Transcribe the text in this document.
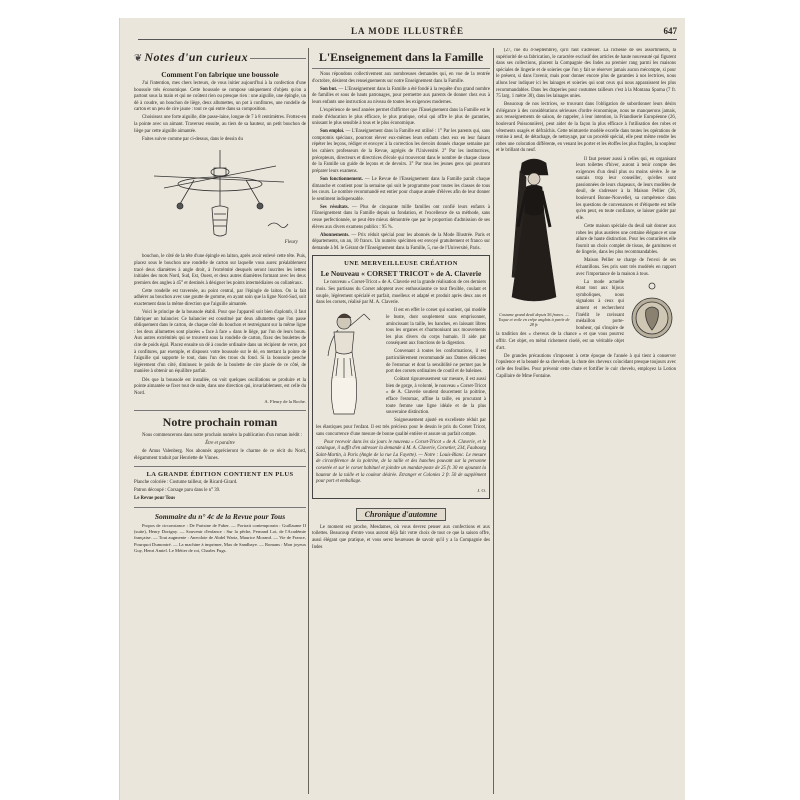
LA MODE ILLUSTRÉE	647
❦ Notes d'un curieux
Comment l'on fabrique une boussole

J'ai l'intention, mes chers lecteurs, de vous initier aujourd'hui à la confection d'une boussole très économique. Cette boussole se compose uniquement d'objets qu'on a partout sous la main et qui ne coûtent rien ou presque rien : une aiguille, une épingle, un dé à coudre, un bouchon de liège, deux allumettes, un pot à confitures, une rondelle de carton et un peu de cire jaune : tout ce qui entre dans sa composition.

Choisissez une forte aiguille, dite passe-laine, longue de 7 à 8 centimètres. Frottez-en la pointe avec un aimant. Traversez ensuite, au tiers de sa hauteur, un petit bouchon de liège par cette aiguille aimantée.

Faites suivre comme par ci-dessus, dans le dessin du

Fleury

bouchon, le côté de la tête d'une épingle en laiton, après avoir enlevé cette tête. Puis, placez sous le bouchon une rondelle de carton sur laquelle vous aurez préalablement tracé deux diamètres à angle droit, à l'extrémité desquels seront inscrites les lettres initiales des mots Nord, Sud, Est, Ouest, et deux autres diamètres formant avec les deux premiers des angles à 45° et destinés à désigner les points intermédiaires ou collatéraux.

Cette rondelle est traversée, au point central, par l'épingle de laiton. On la fait adhérer au bouchon avec une goutte de gomme, en ayant soin que la ligne Nord-Sud, soit exactement dans la même direction que l'aiguille aimantée.

Voici le principe de la boussole établi. Pour que l'appareil soit bien d'aplomb, il faut fabriquer un balancier. Ce balancier est constitué par deux allumettes que l'on passe obliquement dans le carton, de chaque côté du bouchon et restreignant sur la même ligne : les deux allumettes sont placées « face à face » dans le liège, par l'un de leurs bouts. Aux autres extrémités qui se trouvent sous la rondelle de carton, fixez des boulettes de cire de poids égal. Placez ensuite un dé à coudre ordinaire dans un récipient de verre, pot à confitures, par exemple, et disposez votre boussole sur le dé, en mettant la pointe de l'aiguille qui supporte le tout, dans l'un des trous du fond. Si la boussole penche légèrement d'un côté, diminuez le poids de la boulette de cire placée de ce côté, de manière à obtenir un équilibre parfait.

Dès que la boussole est installée, on voit quelques oscillations se produire et la pointe aimantée se fixer tout de suite, dans une direction qui, invariablement, est celle du Nord.

A. Fleury de la Roche.

Notre prochain roman

Nous commencerons dans notre prochain numéro la publication d'un roman inédit :

Être et paraître

de Amus Valenberg. Nos abonnés apprécieront le charme de ce récit du Nord, élégamment traduit par Henriette de Vinnes.

LA GRANDE ÉDITION CONTIENT EN PLUS

Planche coloriée : Costume tailleur, de Ricard-Girard.

Patron découpé : Corsage paru dans le n° 39.

Le Revue pour Tous

Sommaire du n° 4c de la Revue pour Tous

Propos de circonstance : De Parisine de Faber. — Portrait contemporain : Guillaume II (suite), Henry Dorigny. — Souvenir d'enfance : Sur la pêche, Fernand Lot, de l'Académie française. — Tout augmente : Anecdote de Abdel Wartz, Maurice Morand. — Vie de France, Pourquoi Dumontré. — La machine à imprimer, Max de Sandbaye. — Romans : Mon joyeux Guy, Henri Amiel. Le Métier de roi, Charles Fugs.

L'Enseignement dans la Famille

Nous répondons collectivement aux nombreuses demandes qui, en vue de la rentrée d'octobre, désirent des renseignements sur notre Enseignement dans la Famille.

Son but. — L'Enseignement dans la Famille a été fondé à la requête d'un grand nombre de familles et sous de hauts patronages, pour permettre aux parents de donner chez eux à leurs enfants une instruction au niveau de toutes les exigences modernes.

L'expérience de neuf années permet d'affirmer que l'Enseignement dans la Famille est le mode d'éducation le plus efficace, le plus pratique, celui qui offre le plus de garanties, unissant le plus sensible à tous et le plus économique.

Son emploi. — L'Enseignement dans la Famille est utilisé : 1° Par les parents qui, sans compromis spéciaux, pourront élever eux-mêmes leurs enfants chez eux en leur faisant répéter les leçons, rédiger et envoyer à la correction les devoirs donnés chaque semaine par les cahiers professeurs de la Revue, agrégés de l'Université. 2° Par les institutrices, précepteurs, directeurs et directrices d'école qui trouveront dans le nombre de chaque classe de la Famille un guide de leçons et de devoirs. 3° Par tous les jeunes gens qui pourront préparer leurs examens.

Son fonctionnement. — Le Revue de l'Enseignement dans la Famille paraît chaque dimanche et contient pour la semaine qui suit le programme pour toutes les classes de tous les cours. Le nombre recommandé est entier pour chaque année d'élèves afin de leur donner le sentiment indispensable.

Ses résultats. — Plus de cinquante mille familles ont confié leurs enfants à l'Enseignement dans la Famille depuis sa fondation, et l'excellence de sa méthode, sans cesse perfectionnée, se peut être mieux démontrée que par le proportion d'admission de ses élèves aux divers examens publics : 95 %.

Abonnements. — Prix réduit spécial pour les abonnés de la Mode Illustrée. Paris et départements, un an, 10 francs. Un numéro spécimen est envoyé gratuitement et franco sur demande à M. le Gérant de l'Enseignement dans la Famille, 5, rue de l'Université, Paris.

UNE MERVEILLEUSE CRÉATION
Le Nouveau « CORSET TRICOT » de A. Claverie

Le nouveau « Corset-Tricot » de A. Claverie est la grande réalisation de ces derniers mois. Ses partisans du Corset adoptent avec enthousiasme ce tout flexible, coulant et souple, légèrement spécialé et parfait, moelleux et adapté et produit après deux ans et dans les corsets, réalisé par M. A. Claverie.

Il est en effet le corset qui soutient, qui modèle le buste, dont souplement sans emprisonner, amincissant la taille, les hanches, en laissant libres tous les organes et s'harmonisant aux mouvements les plus divers du corps humain. Il aide par conséquent aux fonctions de la digestion.

Convenant à toutes les conformations, il est particulièrement recommandé aux Dames délicates de l'estomac et dont la sensibilité ne permet pas le port des corsets ordinaires de coutil et de baleines.

Coûtant rigoureusement sur mesure, il est aussi bien de gorge, à volonté, le nouveau « Corset-Tricot » de A. Claverie soutient doucement la poitrine, efface l'estomac, affine la taille, en procurant à toute femme une ligne idéale et de la plus souveraine distinction.

Soigneusement ajusté en excellente réduit par les élastiques pour l'enfant. Il est très précieux pour le dessin le prix du Corset Tricot, sans concurrence d'une mesure de bonne qualité entière et assure un parfait compte.

Pour recevoir dans les six jours le nouveau « Corset-Tricot » de A. Claverie, et le catalogue, il suffit d'en adresser la demande à M. A. Claverie, Corsetier, 234, Faubourg Saint-Martin, à Paris (Angle de la rue La Fayette). — Notre : Louis-Blanc. Le mesure de circonférence de la poitrine, de la taille et des hanches pouvant sur la personne corsetée et sur le corset habituel et joindre un mandat-poste de 25 fr. 30 en ajoutant la hauteur de la taille et la couleur désirée. Etranger et Colonies 2 fr. 50 de supplément pour port et emballage.

J. O.

Chronique d'automne

Le moment est proche, Mesdames, où vous devrez penser aux confections et aux toilettes. Beaucoup d'entre vous auront déjà fait votre choix de tout ce que la saison offre, aussi élégant que pratique, et vous serez heureuses de savoir qu'il y a la Compagnie des Indes

(27, rue du 4-Septembre), qu'il faut s'adresser. La richesse de ses assortiments, la supériorité de sa fabrication, le caractère exclusif des articles de haute nouveauté qui figurent dans ses collections, placent la Compagnie des Indes au premier rang parmi les maisons spéciales de lingerie et de soieries que l'on y fait se réserver jamais aucun mécompte, si pour le présent, si dans l'avenir, mais pour donner encore plus de garanties à nos lectrices, nous allons leur indiquer ici les lainages et soieries qui sont ceux qui nous apparaissent les plus recommandables. Dans les draperies pour costumes tailleurs c'est à la Montana Sparna (7 fr. 75 larg. 1 mètre 30), dans les lainages unies.

Beaucoup de nos lectrices, se trouvant dans l'obligation de subordonner leurs désirs d'élégance à des considérations sérieuses d'ordre économique, nous ne manquerons jamais, aux renseignements de saison, de rappeler, à leur intention, la Friandiserie Européenne (26, boulevard Poissonnière), peut aider de la façon la plus efficace à l'utilisation des robes et vêtements usagés et défraîchis. Cette teinturerie modèle excelle dans toutes les opérations de remise à neuf, de détachage, de nettoyage, par un procédé spécial, elle peut même rendre les robes une coloration différente, en venant les porter et les étoffes les plus fragiles, la soupleur et le brillant du neuf.

Costume grand deuil depuis 56 francs. — Toque et voile en crêpe anglais à partir de 28 fr.

Il faut penser aussi à celles qui, en organisant leurs toilettes d'hiver, auront à tenir compte des exigences d'un deuil plus ou moins sévère. Je ne saurais trop leur conseiller, qu'elles sont passionnées de leurs chapeaux, de leurs modèles de deuil, de s'adresser à la Maison Pellier (26, boulevard Bonne-Nouvelle), sa compétence dans les questions de convenances et d'étiquette est telle qu'en peut, en toute confiance, se laisser guider par elle.

Cette maison spéciale du deuil sait donner aux robes les plus austères une certaine élégance et une allure de haute distinction. Pour les couturières elle fournit un choix complet de tissus, de garnitures et de lingerie, dans les plus recommandables.

Maison Pellier se charge de l'envoi de ses échantillons. Ses prix sont très modérés en rapport avec l'importance de la maison à tous.

La mode actuelle étant tout aux bijoux symboliques, nous signalons à ceux qui aiment et recherchent l'inédit le ravissant médaillon porte-bonheur, qui s'inspire de la tradition des « cheveux de la chance » et que vous pourrez offrir. Cet objet, en métal richement ciselé, est un véritable objet d'art.

De grandes précautions s'imposent à cette époque de l'année à qui tient à conserver l'opulence et la beauté de sa chevelure, la chute des cheveux coïncidant presque toujours avec celle des feuilles. Pour prévenir cette chute et fortifier le cuir chevelu, employez la Lotion Capillaire de Mme Fontaine.
